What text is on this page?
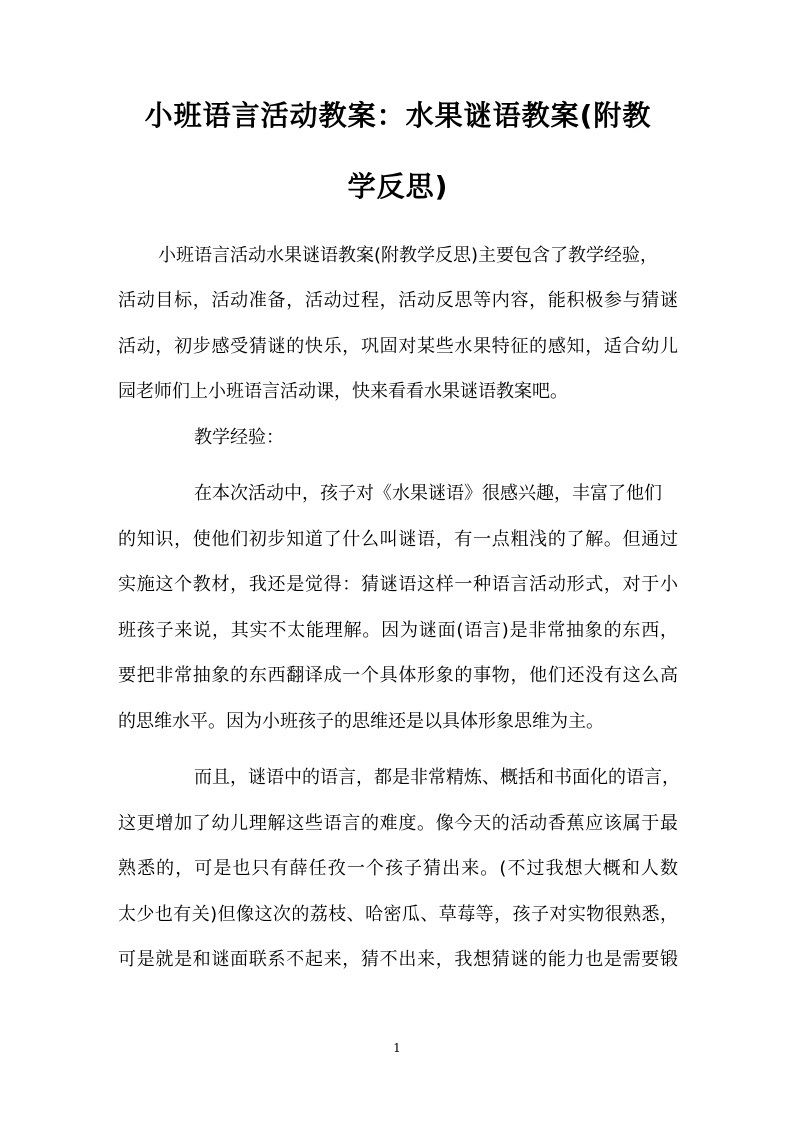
小班语言活动教案：水果谜语教案(附教
学反思)
小班语言活动水果谜语教案(附教学反思)主要包含了教学经验，
活动目标，活动准备，活动过程，活动反思等内容，能积极参与猜谜
活动，初步感受猜谜的快乐，巩固对某些水果特征的感知，适合幼儿
园老师们上小班语言活动课，快来看看水果谜语教案吧。
教学经验：
在本次活动中，孩子对《水果谜语》很感兴趣，丰富了他们
的知识，使他们初步知道了什么叫谜语，有一点粗浅的了解。但通过
实施这个教材，我还是觉得：猜谜语这样一种语言活动形式，对于小
班孩子来说，其实不太能理解。因为谜面(语言)是非常抽象的东西，
要把非常抽象的东西翻译成一个具体形象的事物，他们还没有这么高
的思维水平。因为小班孩子的思维还是以具体形象思维为主。
而且，谜语中的语言，都是非常精炼、概括和书面化的语言，
这更增加了幼儿理解这些语言的难度。像今天的活动香蕉应该属于最
熟悉的，可是也只有薛任孜一个孩子猜出来。(不过我想大概和人数
太少也有关)但像这次的荔枝、哈密瓜、草莓等，孩子对实物很熟悉，
可是就是和谜面联系不起来，猜不出来，我想猜谜的能力也是需要锻
1
